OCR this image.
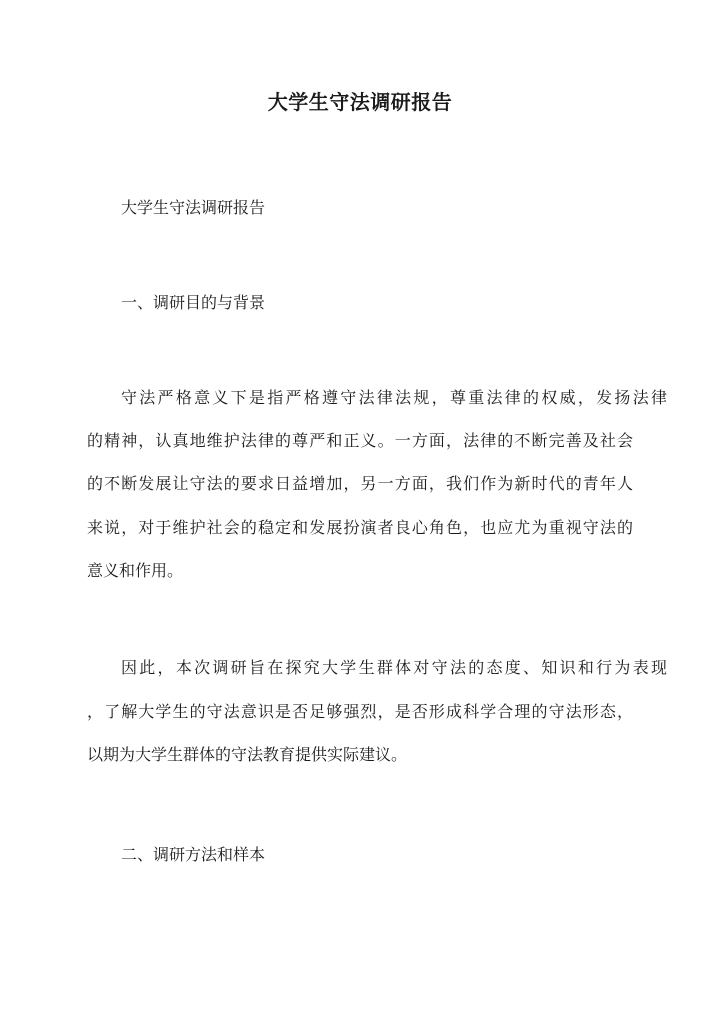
大学生守法调研报告

大学生守法调研报告

一、调研目的与背景

守法严格意义下是指严格遵守法律法规，尊重法律的权威，发扬法律

的精神，认真地维护法律的尊严和正义。一方面，法律的不断完善及社会

的不断发展让守法的要求日益增加，另一方面，我们作为新时代的青年人

来说，对于维护社会的稳定和发展扮演者良心角色，也应尤为重视守法的

意义和作用。

因此，本次调研旨在探究大学生群体对守法的态度、知识和行为表现

，了解大学生的守法意识是否足够强烈，是否形成科学合理的守法形态，

以期为大学生群体的守法教育提供实际建议。

二、调研方法和样本
